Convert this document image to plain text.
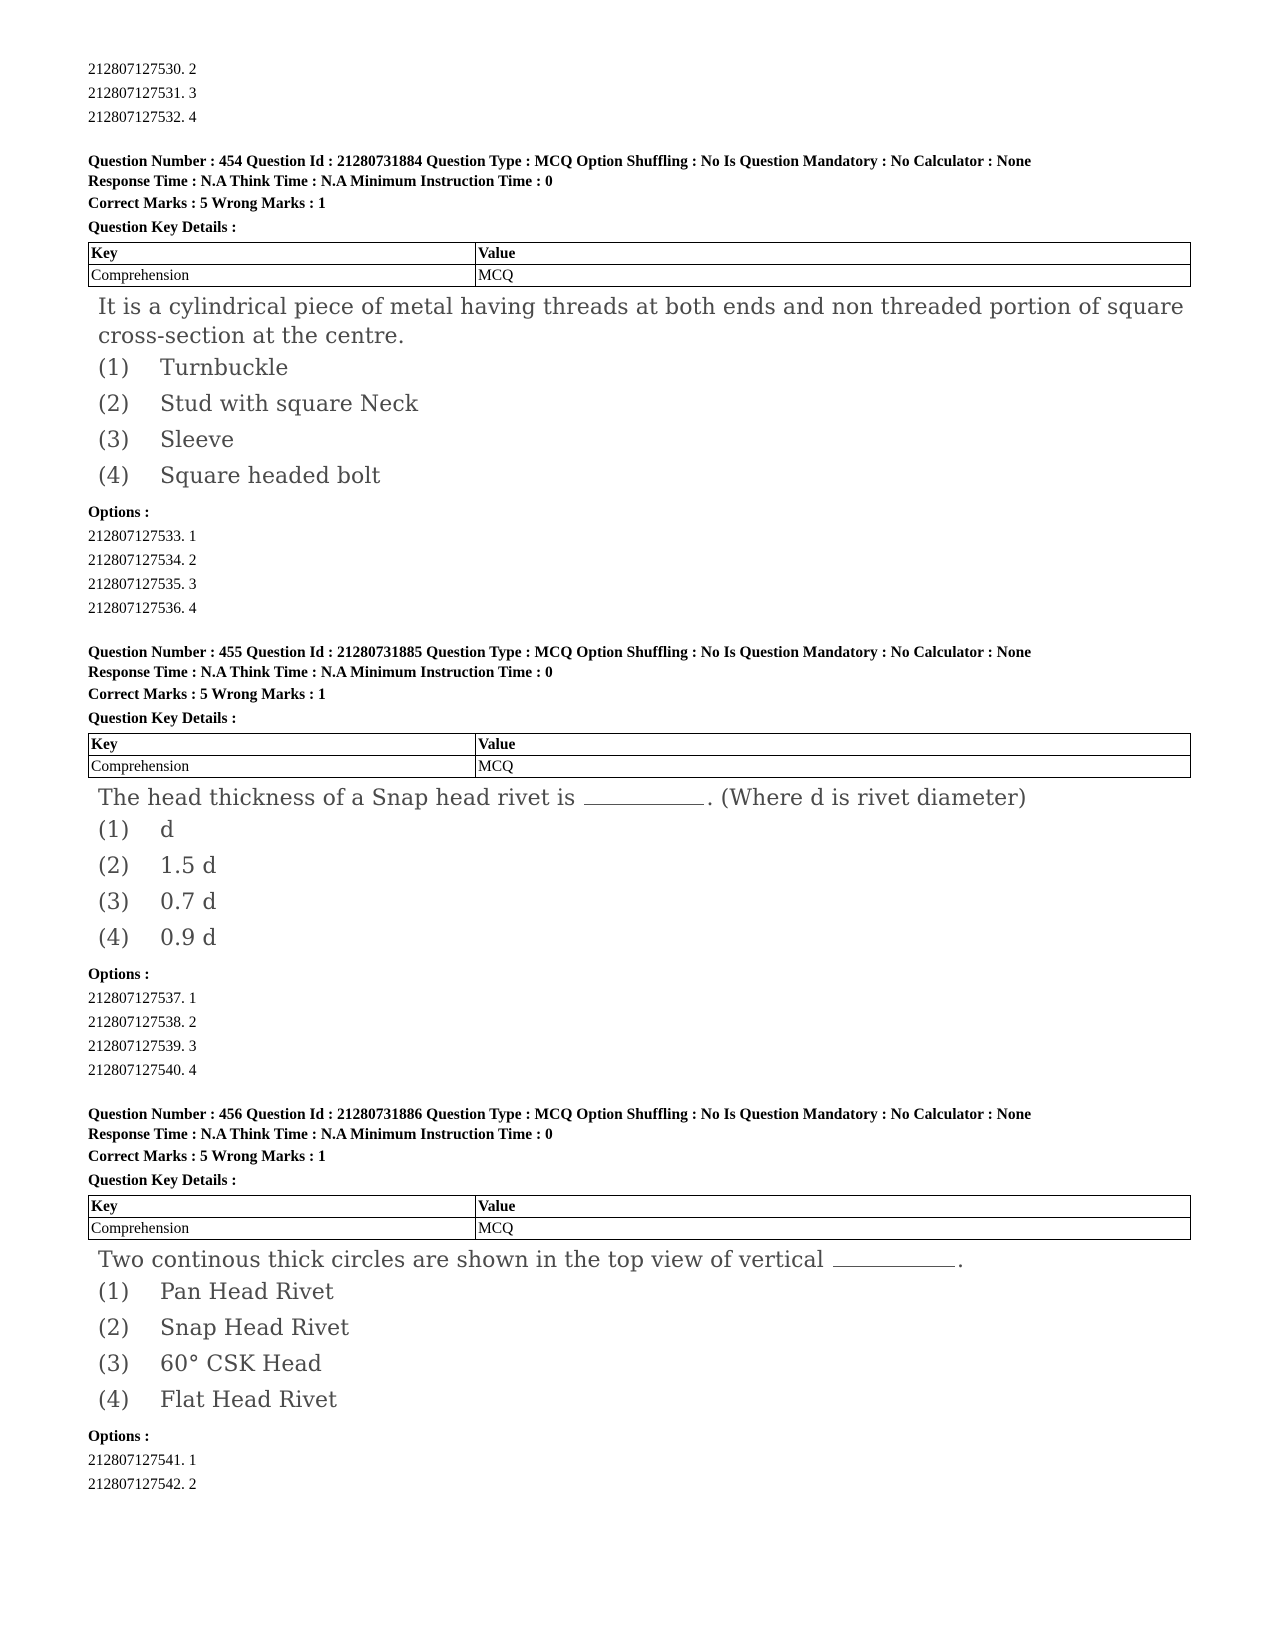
212807127530. 2
212807127531. 3
212807127532. 4
Question Number : 454 Question Id : 21280731884 Question Type : MCQ Option Shuffling : No Is Question Mandatory : No Calculator : None
Response Time : N.A Think Time : N.A Minimum Instruction Time : 0
Correct Marks : 5 Wrong Marks : 1
Question Key Details :
Key	Value
Comprehension	MCQ
It is a cylindrical piece of metal having threads at both ends and non threaded portion of square
cross-section at the centre.
(1) Turnbuckle
(2) Stud with square Neck
(3) Sleeve
(4) Square headed bolt
Options :
212807127533. 1
212807127534. 2
212807127535. 3
212807127536. 4
Question Number : 455 Question Id : 21280731885 Question Type : MCQ Option Shuffling : No Is Question Mandatory : No Calculator : None
Response Time : N.A Think Time : N.A Minimum Instruction Time : 0
Correct Marks : 5 Wrong Marks : 1
Question Key Details :
Key	Value
Comprehension	MCQ
The head thickness of a Snap head rivet is	. (Where d is rivet diameter)
(1) d
(2) 1.5 d
(3) 0.7 d
(4) 0.9 d
Options :
212807127537. 1
212807127538. 2
212807127539. 3
212807127540. 4
Question Number : 456 Question Id : 21280731886 Question Type : MCQ Option Shuffling : No Is Question Mandatory : No Calculator : None
Response Time : N.A Think Time : N.A Minimum Instruction Time : 0
Correct Marks : 5 Wrong Marks : 1
Question Key Details :
Key	Value
Comprehension	MCQ
Two continous thick circles are shown in the top view of vertical	.
(1) Pan Head Rivet
(2) Snap Head Rivet
(3) 60° CSK Head
(4) Flat Head Rivet
Options :
212807127541. 1
212807127542. 2
